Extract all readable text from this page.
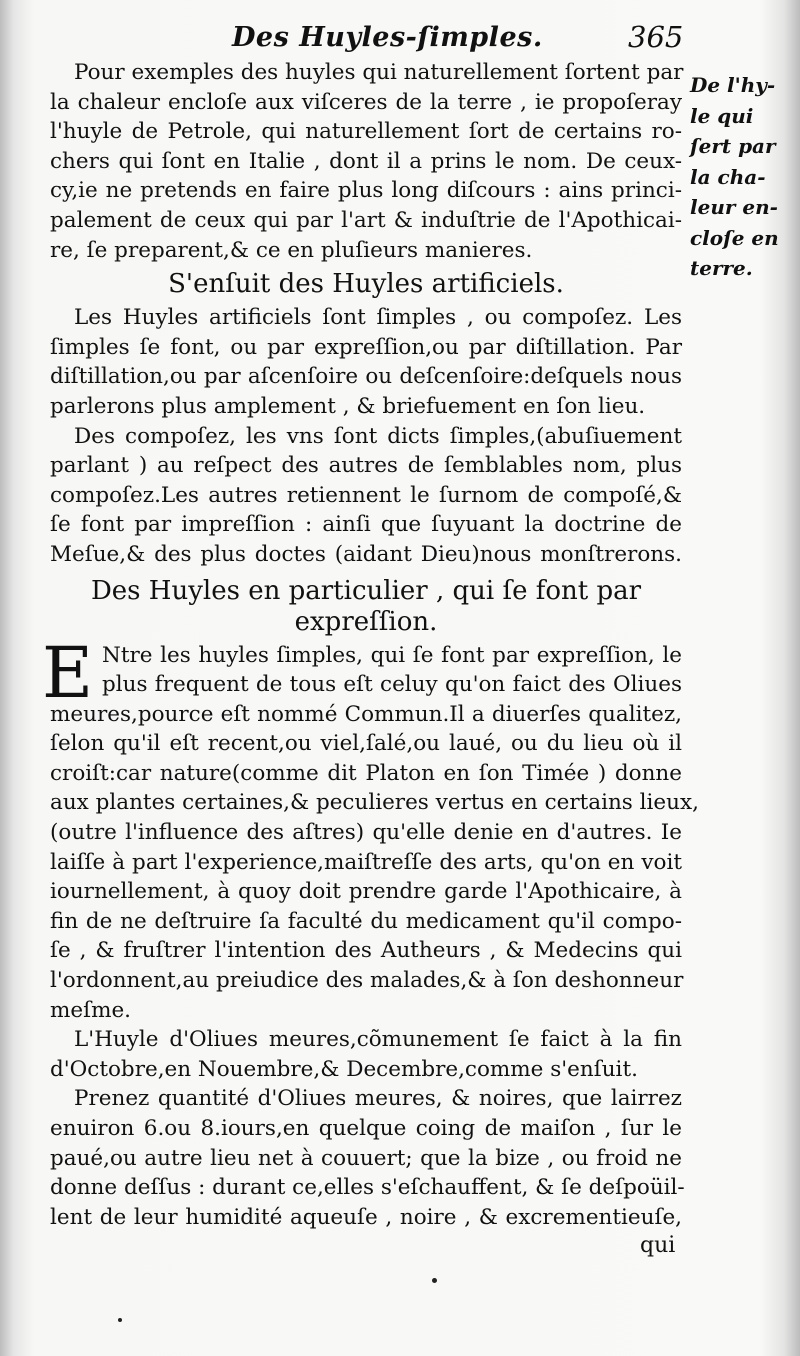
Des Huyles-ſimples.	365
De l'hy-
le qui
ſert par
la cha-
leur en-
cloſe en
terre.
Pour exemples des huyles qui naturellement ſortent par
la chaleur encloſe aux viſceres de la terre , ie propoſeray
l'huyle de Petrole, qui naturellement ſort de certains ro-
chers qui ſont en Italie , dont il a prins le nom. De ceux-
cy,ie ne pretends en faire plus long diſcours : ains princi-
palement de ceux qui par l'art & induſtrie de l'Apothicai-
re, ſe preparent,& ce en pluſieurs manieres.
S'enſuit des Huyles artificiels.
Les Huyles artificiels ſont ſimples , ou compoſez. Les
ſimples ſe font, ou par expreſſion,ou par diſtillation. Par
diſtillation,ou par aſcenſoire ou deſcenſoire:deſquels nous
parlerons plus amplement , & briefuement en ſon lieu.
Des compoſez, les vns ſont dicts ſimples,(abuſiuement
parlant ) au reſpect des autres de ſemblables nom, plus
compoſez.Les autres retiennent le ſurnom de compoſé,&
ſe font par impreſſion : ainſi que ſuyuant la doctrine de
Meſue,& des plus doctes (aidant Dieu)nous monſtrerons.
Des Huyles en particulier , qui ſe font par
expreſſion.
E Ntre les huyles ſimples, qui ſe font par expreſſion, le
plus frequent de tous eſt celuy qu'on faict des Oliues
meures,pource eſt nommé Commun.Il a diuerſes qualitez,
ſelon qu'il eſt recent,ou viel,ſalé,ou laué, ou du lieu où il
croiſt:car nature(comme dit Platon en ſon Timée ) donne
aux plantes certaines,& peculieres vertus en certains lieux,
(outre l'influence des aſtres) qu'elle denie en d'autres. Ie
laiſſe à part l'experience,maiſtreſſe des arts, qu'on en voit
iournellement, à quoy doit prendre garde l'Apothicaire, à
fin de ne deſtruire ſa faculté du medicament qu'il compo-
ſe , & fruſtrer l'intention des Autheurs , & Medecins qui
l'ordonnent,au preiudice des malades,& à ſon deshonneur
meſme.
L'Huyle d'Oliues meures,cõmunement ſe faict à la fin
d'Octobre,en Nouembre,& Decembre,comme s'enſuit.
Prenez quantité d'Oliues meures, & noires, que lairrez
enuiron 6.ou 8.iours,en quelque coing de maiſon , ſur le
paué,ou autre lieu net à couuert; que la bize , ou froid ne
donne deſſus : durant ce,elles s'eſchauffent, & ſe deſpoüil-
lent de leur humidité aqueuſe , noire , & excrementieuſe,
qui
